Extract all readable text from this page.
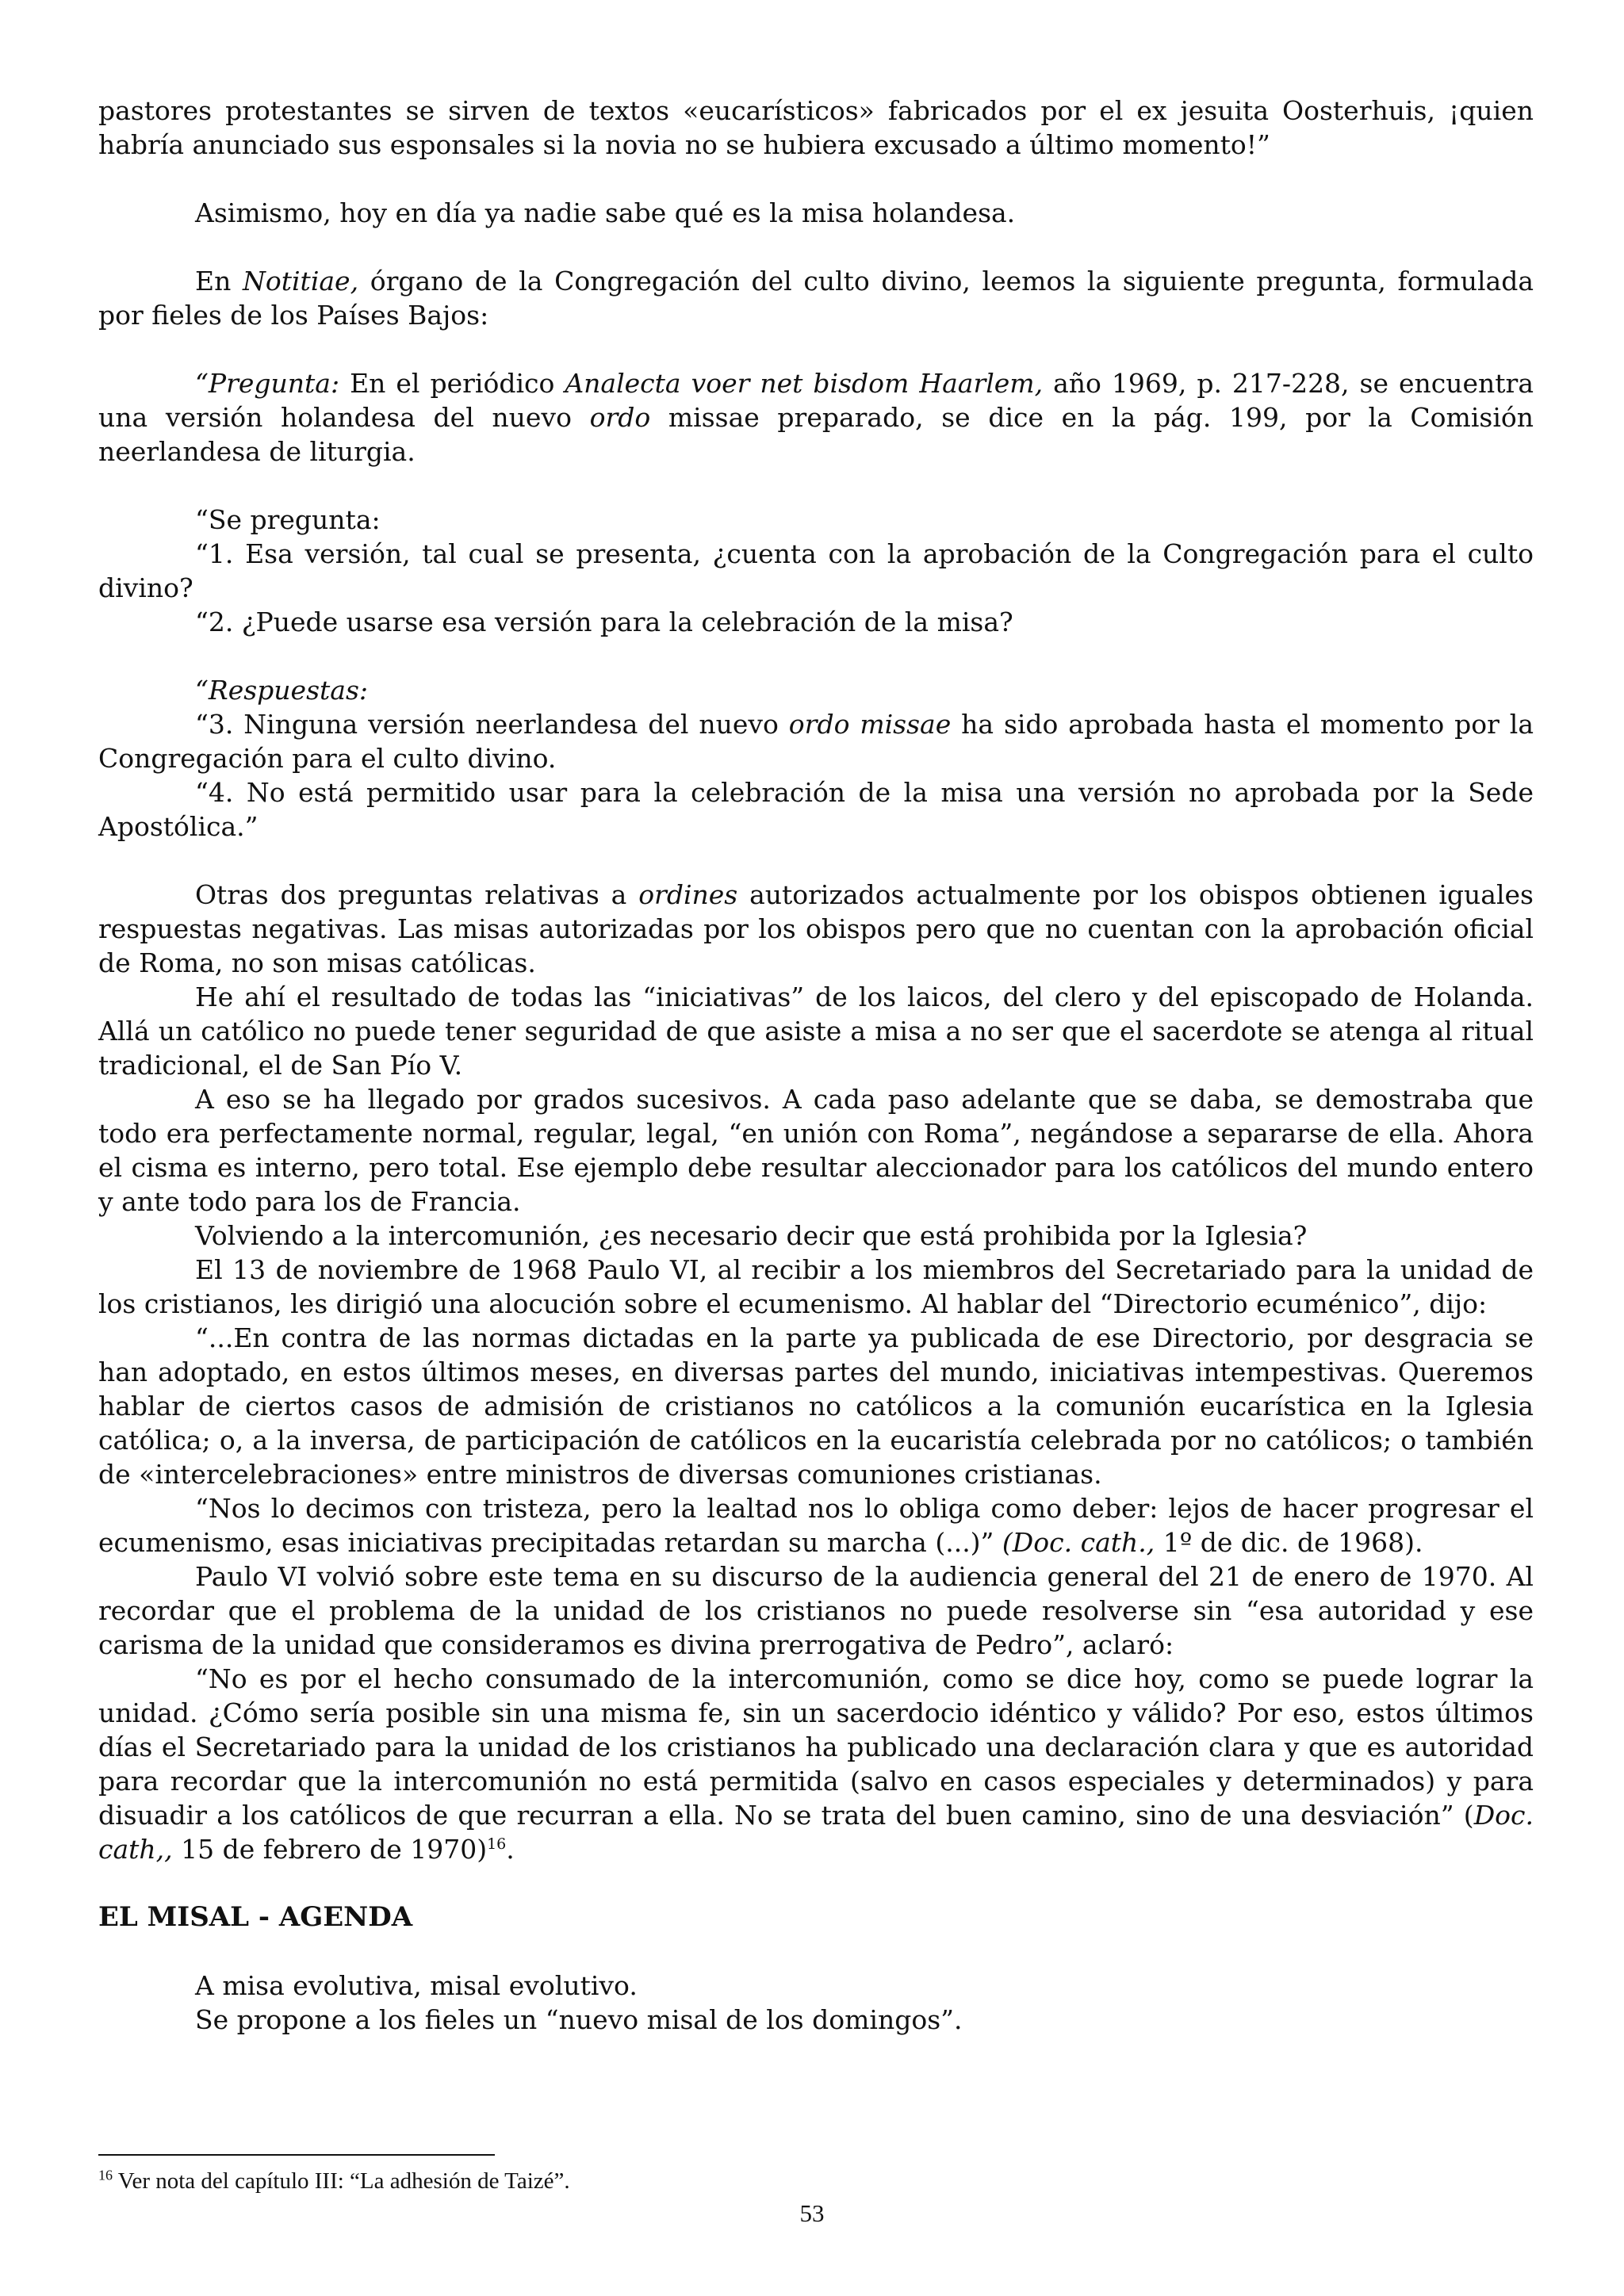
pastores protestantes se sirven de textos «eucarísticos» fabricados por el ex jesuita Oosterhuis, ¡quien habría anunciado sus esponsales si la novia no se hubiera excusado a último momento!”

Asimismo, hoy en día ya nadie sabe qué es la misa holandesa.

En Notitiae, órgano de la Congregación del culto divino, leemos la siguiente pregunta, formulada por fieles de los Países Bajos:

“Pregunta: En el periódico Analecta voer net bisdom Haarlem, año 1969, p. 217-228, se encuentra una versión holandesa del nuevo ordo missae preparado, se dice en la pág. 199, por la Comisión neerlandesa de liturgia.

“Se pregunta:

“1. Esa versión, tal cual se presenta, ¿cuenta con la aprobación de la Congregación para el culto divino?

“2. ¿Puede usarse esa versión para la celebración de la misa?

“Respuestas:

“3. Ninguna versión neerlandesa del nuevo ordo missae ha sido aprobada hasta el momento por la Congregación para el culto divino.

“4. No está permitido usar para la celebración de la misa una versión no aprobada por la Sede Apostólica.”

Otras dos preguntas relativas a ordines autorizados actualmente por los obispos obtienen iguales respuestas negativas. Las misas autorizadas por los obispos pero que no cuentan con la aprobación oficial de Roma, no son misas católicas.

He ahí el resultado de todas las “iniciativas” de los laicos, del clero y del episcopado de Holanda. Allá un católico no puede tener seguridad de que asiste a misa a no ser que el sacerdote se atenga al ritual tradicional, el de San Pío V.

A eso se ha llegado por grados sucesivos. A cada paso adelante que se daba, se demostraba que todo era perfectamente normal, regular, legal, “en unión con Roma”, negándose a separarse de ella. Ahora el cisma es interno, pero total. Ese ejemplo debe resultar aleccionador para los católicos del mundo entero y ante todo para los de Francia.

Volviendo a la intercomunión, ¿es necesario decir que está prohibida por la Iglesia?

El 13 de noviembre de 1968 Paulo VI, al recibir a los miembros del Secretariado para la unidad de los cristianos, les dirigió una alocución sobre el ecumenismo. Al hablar del “Directorio ecuménico”, dijo:

“...En contra de las normas dictadas en la parte ya publicada de ese Directorio, por desgracia se han adoptado, en estos últimos meses, en diversas partes del mundo, iniciativas intempestivas. Queremos hablar de ciertos casos de admisión de cristianos no católicos a la comunión eucarística en la Iglesia católica; o, a la inversa, de participación de católicos en la eucaristía celebrada por no católicos; o también de «intercelebraciones» entre ministros de diversas comuniones cristianas.

“Nos lo decimos con tristeza, pero la lealtad nos lo obliga como deber: lejos de hacer progresar el ecumenismo, esas iniciativas precipitadas retardan su marcha (...)” (Doc. cath., 1º de dic. de 1968).

Paulo VI volvió sobre este tema en su discurso de la audiencia general del 21 de enero de 1970. Al recordar que el problema de la unidad de los cristianos no puede resolverse sin “esa autoridad y ese carisma de la unidad que consideramos es divina prerrogativa de Pedro”, aclaró:

“No es por el hecho consumado de la intercomunión, como se dice hoy, como se puede lograr la unidad. ¿Cómo sería posible sin una misma fe, sin un sacerdocio idéntico y válido? Por eso, estos últimos días el Secretariado para la unidad de los cristianos ha publicado una declaración clara y que es autoridad para recordar que la intercomunión no está permitida (salvo en casos especiales y determinados) y para disuadir a los católicos de que recurran a ella. No se trata del buen camino, sino de una desviación” (Doc. cath,, 15 de febrero de 1970)$^{16}$.

EL MISAL - AGENDA

A misa evolutiva, misal evolutivo.

Se propone a los fieles un “nuevo misal de los domingos”.

$^{16}$ Ver nota del capítulo III: “La adhesión de Taizé”.
53
